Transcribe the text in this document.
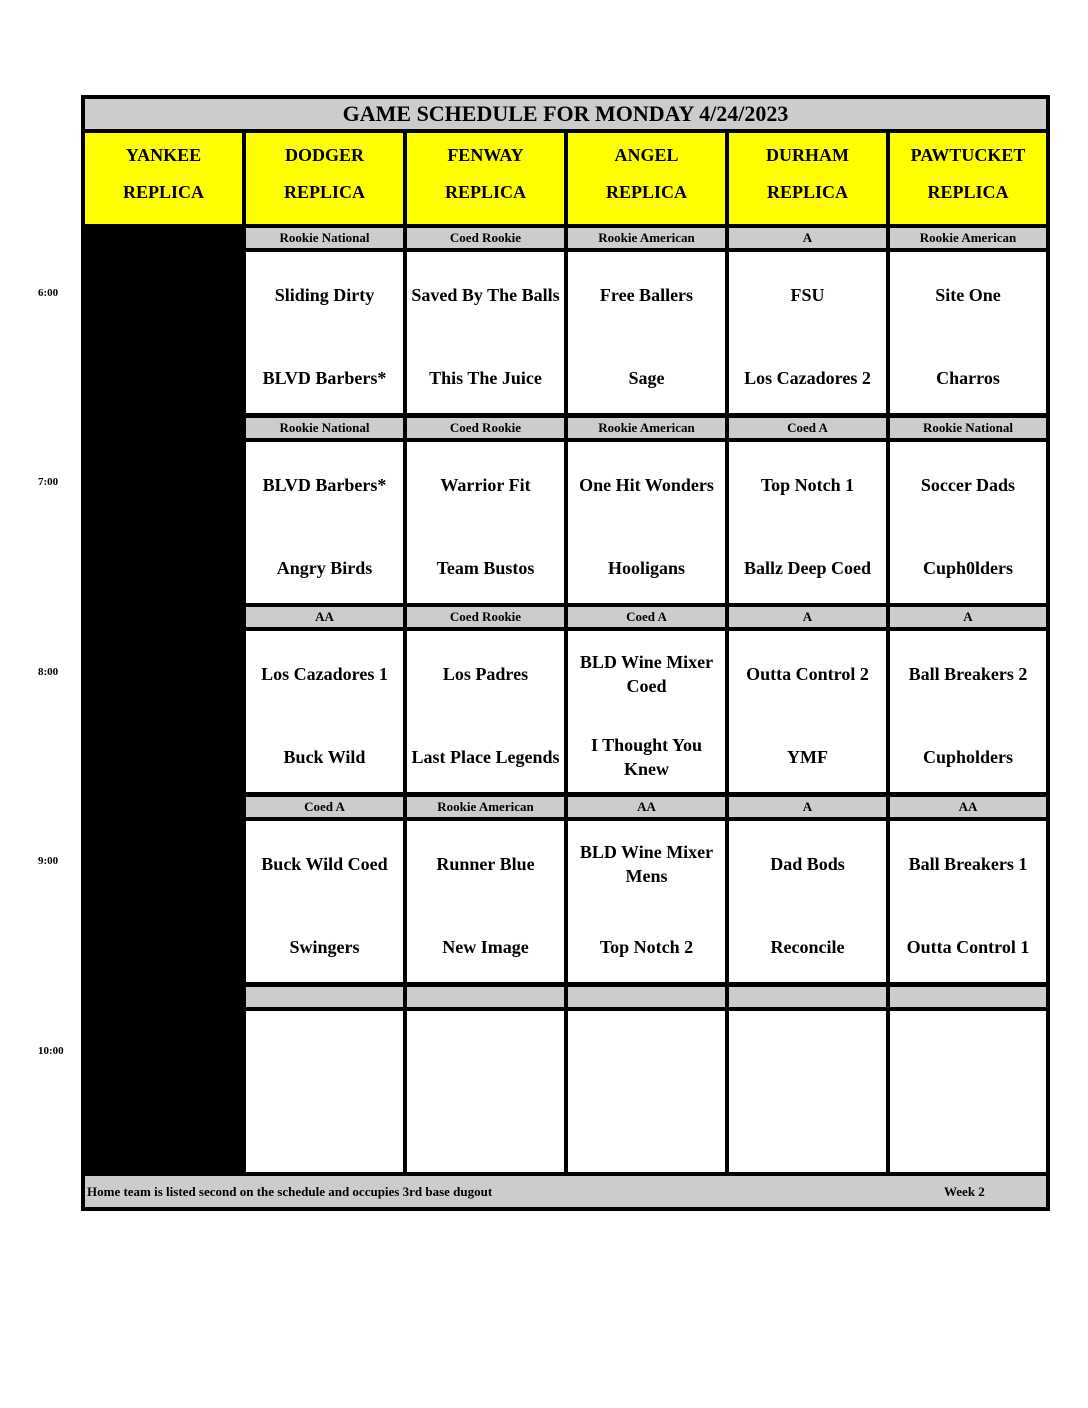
GAME SCHEDULE FOR MONDAY 4/24/2023
YANKEE
REPLICA
DODGER
REPLICA
FENWAY
REPLICA
ANGEL
REPLICA
DURHAM
REPLICA
PAWTUCKET
REPLICA
6:00
Rookie National
Sliding Dirty
BLVD Barbers*
Coed Rookie
Saved By The Balls
This The Juice
Rookie American
Free Ballers
Sage
A
FSU
Los Cazadores 2
Rookie American
Site One
Charros
7:00
Rookie National
BLVD Barbers*
Angry Birds
Coed Rookie
Warrior Fit
Team Bustos
Rookie American
One Hit Wonders
Hooligans
Coed A
Top Notch 1
Ballz Deep Coed
Rookie National
Soccer Dads
Cuph0lders
8:00
AA
Los Cazadores 1
Buck Wild
Coed Rookie
Los Padres
Last Place Legends
Coed A
BLD Wine Mixer Coed
I Thought You Knew
A
Outta Control 2
YMF
A
Ball Breakers 2
Cupholders
9:00
Coed A
Buck Wild Coed
Swingers
Rookie American
Runner Blue
New Image
AA
BLD Wine Mixer Mens
Top Notch 2
A
Dad Bods
Reconcile
AA
Ball Breakers 1
Outta Control 1
10:00
Home team is listed second on the schedule and occupies 3rd base dugout	Week 2
